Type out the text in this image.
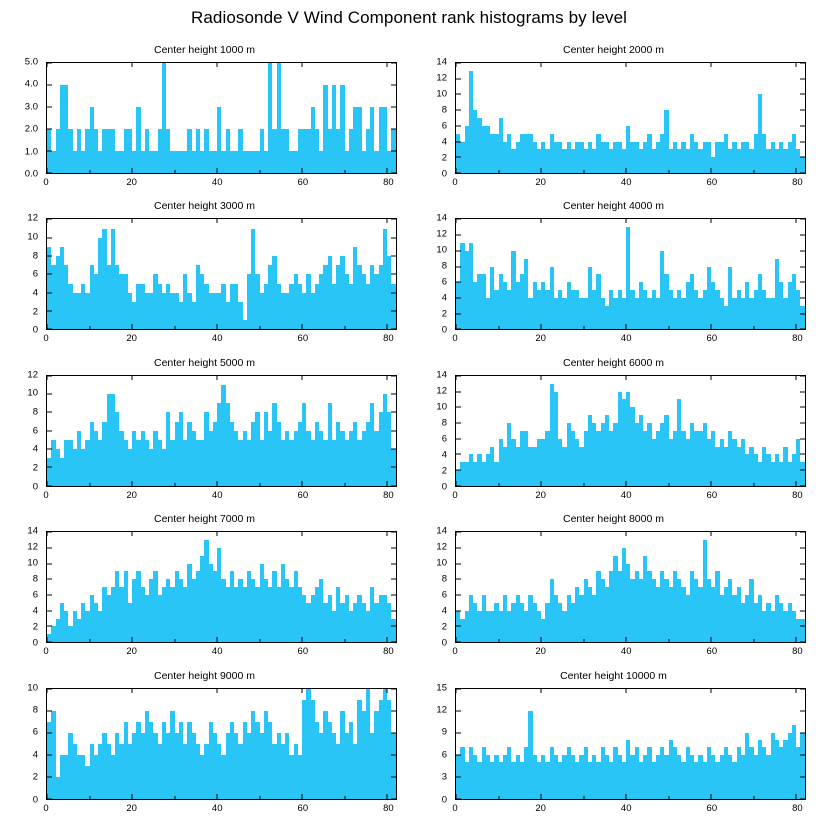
Radiosonde V Wind Component rank histograms by level
Center height 1000 m
0.0
1.0
2.0
3.0
4.0
5.0
0	20	40	60	80
Center height 2000 m
0
2
4
6
8
10
12
14
0	20	40	60	80
Center height 3000 m
0
2
4
6
8
10
12
0	20	40	60	80
Center height 4000 m
0
2
4
6
8
10
12
14
0	20	40	60	80
Center height 5000 m
0
2
4
6
8
10
12
0	20	40	60	80
Center height 6000 m
0
2
4
6
8
10
12
14
0	20	40	60	80
Center height 7000 m
0
2
4
6
8
10
12
14
0	20	40	60	80
Center height 8000 m
0
2
4
6
8
10
12
14
0	20	40	60	80
Center height 9000 m
0
2
4
6
8
10
0	20	40	60	80
Center height 10000 m
0
3
6
9
12
15
0	20	40	60	80
